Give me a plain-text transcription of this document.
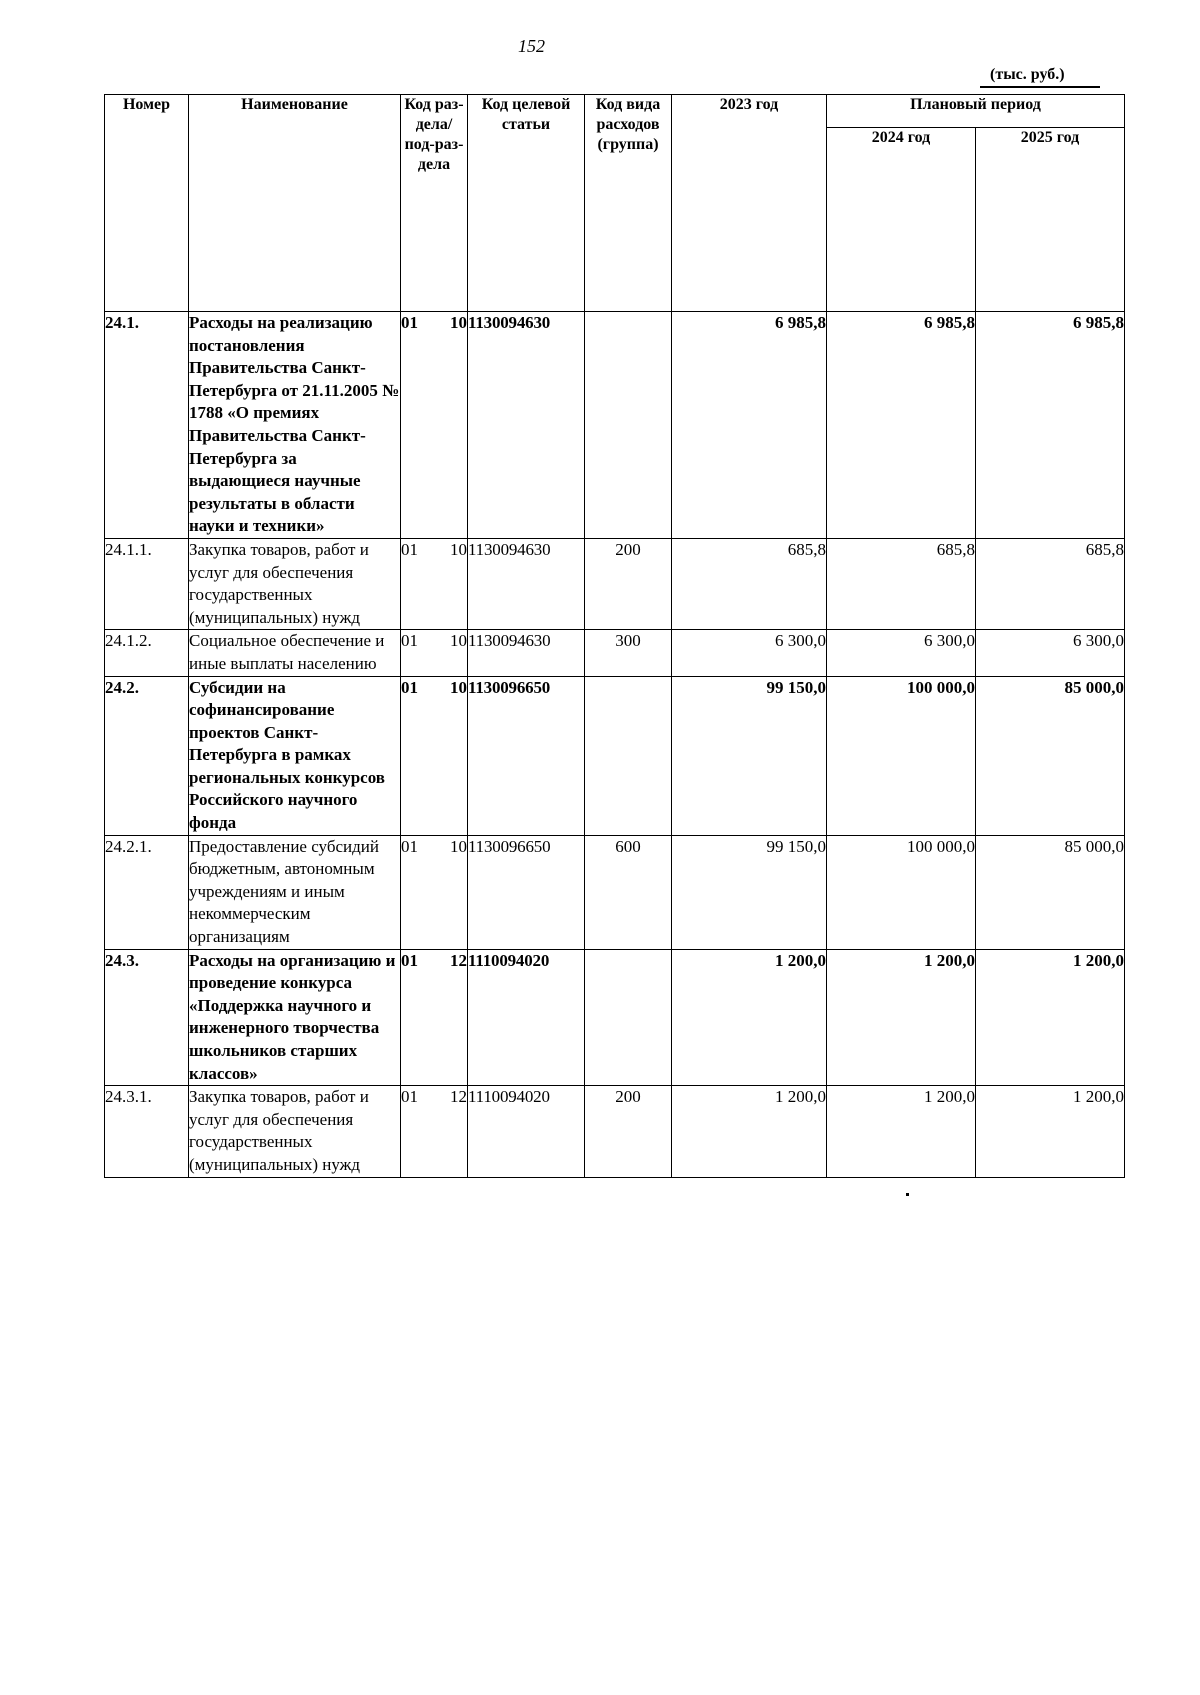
152
(тыс. руб.)
Номер	Наименование	Код раз-дела/ под-раз-дела	Код целевой статьи	Код вида расходов (группа)	2023 год	Плановый период	
						2024 год	2025 год
24.1.	Расходы на реализацию постановления Правительства Санкт-Петербурга от 21.11.2005 № 1788 «О премиях Правительства Санкт-Петербурга за выдающиеся научные результаты в области науки и техники»	01 10	1130094630		6 985,8	6 985,8	6 985,8
24.1.1.	Закупка товаров, работ и услуг для обеспечения государственных (муниципальных) нужд	01 10	1130094630	200	685,8	685,8	685,8
24.1.2.	Социальное обеспечение и иные выплаты населению	01 10	1130094630	300	6 300,0	6 300,0	6 300,0
24.2.	Субсидии на софинансирование проектов Санкт-Петербурга в рамках региональных конкурсов Российского научного фонда	01 10	1130096650		99 150,0	100 000,0	85 000,0
24.2.1.	Предоставление субсидий бюджетным, автономным учреждениям и иным некоммерческим организациям	01 10	1130096650	600	99 150,0	100 000,0	85 000,0
24.3.	Расходы на организацию и проведение конкурса «Поддержка научного и инженерного творчества школьников старших классов»	01 12	1110094020		1 200,0	1 200,0	1 200,0
24.3.1.	Закупка товаров, работ и услуг для обеспечения государственных (муниципальных) нужд	01 12	1110094020	200	1 200,0	1 200,0	1 200,0
